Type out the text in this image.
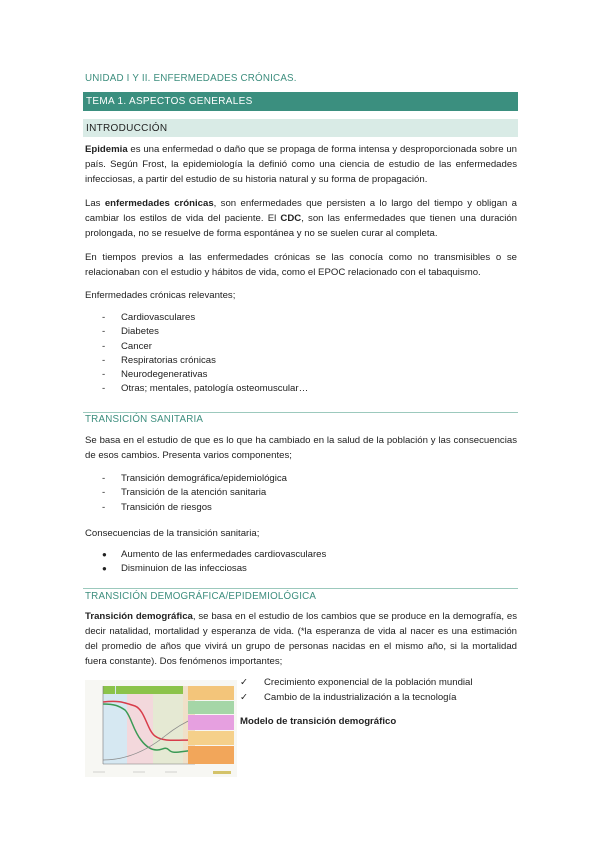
UNIDAD I Y II. ENFERMEDADES CRÓNICAS.
TEMA 1. ASPECTOS GENERALES
INTRODUCCIÓN
Epidemia es una enfermedad o daño que se propaga de forma intensa y desproporcionada sobre un país. Según Frost, la epidemiología la definió como una ciencia de estudio de las enfermedades infecciosas, a partir del estudio de su historia natural y su forma de propagación.
Las enfermedades crónicas, son enfermedades que persisten a lo largo del tiempo y obligan a cambiar los estilos de vida del paciente. El CDC, son las enfermedades que tienen una duración prolongada, no se resuelve de forma espontánea y no se suelen curar al completa.
En tiempos previos a las enfermedades crónicas se las conocía como no transmisibles o se relacionaban con el estudio y hábitos de vida, como el EPOC relacionado con el tabaquismo.
Enfermedades crónicas relevantes;
-	Cardiovasculares
-	Diabetes
-	Cancer
-	Respiratorias crónicas
-	Neurodegenerativas
-	Otras; mentales, patología osteomuscular…
TRANSICIÓN SANITARIA
Se basa en el estudio de que es lo que ha cambiado en la salud de la población y las consecuencias de esos cambios. Presenta varios componentes;
-	Transición demográfica/epidemiológica
-	Transición de la atención sanitaria
-	Transición de riesgos
Consecuencias de la transición sanitaria;
●	Aumento de las enfermedades cardiovasculares
●	Disminuion de las infecciosas
TRANSICIÓN DEMOGRÁFICA/EPIDEMIOLÓGICA
Transición demográfica, se basa en el estudio de los cambios que se produce en la demografía, es decir natalidad, mortalidad y esperanza de vida. (*la esperanza de vida al nacer es una estimación del promedio de años que vivirá un grupo de personas nacidas en el mismo año, si la mortalidad fuera constante). Dos fenómenos importantes;
✓ Crecimiento exponencial de la población mundial
✓ Cambio de la industrialización a la tecnología
Modelo de transición demográfico
